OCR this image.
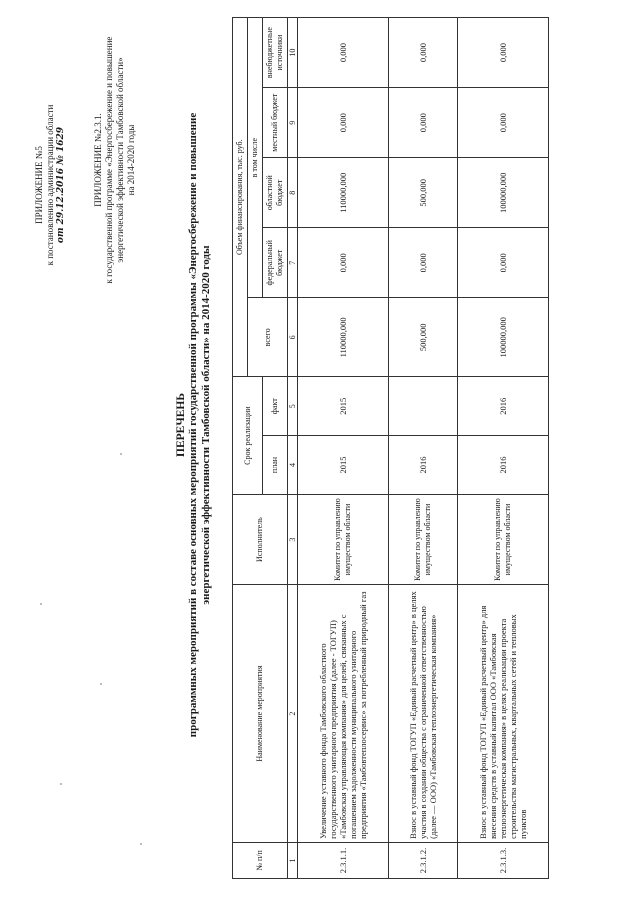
ПРИЛОЖЕНИЕ №5 к постановлению администрации области от 29.12.2016 № 1629	ПРИЛОЖЕНИЕ №2.3.1. к государственной программе «Энергосбережение и повышение энергетической эффективности Тамбовской области» на 2014-2020 годы
ПЕРЕЧЕНЬ программных мероприятий в составе основных мероприятий государственной программы «Энергосбережение и повышение энергетической эффективности Тамбовской области» на 2014-2020 годы
№ п/п	Наименование мероприятия	Исполнитель	Срок реализации		Объем финансирования, тыс. руб.				
					всего	в том числе			
			план	факт		федеральный бюджет	областной бюджет	местный бюджет	внебюджетные источники
1	2	3	4	5	6	7	8	9	10
2.3.1.1.	Увеличение уставного фонда Тамбовского областного государственного унитарного предприятия (далее - ТОГУП) «Тамбовская управляющая компания» для целей, связанных с погашением задолженности муниципального унитарного предприятия «Тамбовтеплосервис» за потребленный природный газ	Комитет по управлению имуществом области	2015	2015	110000,000	0,000	110000,000	0,000	0,000
2.3.1.2.	Взнос в уставный фонд ТОГУП «Единый расчетный центр» в целях участия в создании общества с ограниченной ответственностью (далее — ООО) «Тамбовская теплоэнергетическая компания»	Комитет по управлению имуществом области	2016		500,000	0,000	500,000	0,000	0,000
2.3.1.3.	Взнос в уставный фонд ТОГУП «Единый расчетный центр» для внесения средств в уставный капитал ООО «Тамбовская теплоэнергетическая компания» в целях реализации проекта строительства магистральных, квартальных сетей и тепловых пунктов	Комитет по управлению имуществом области	2016	2016	100000,000	0,000	100000,000	0,000	0,000
